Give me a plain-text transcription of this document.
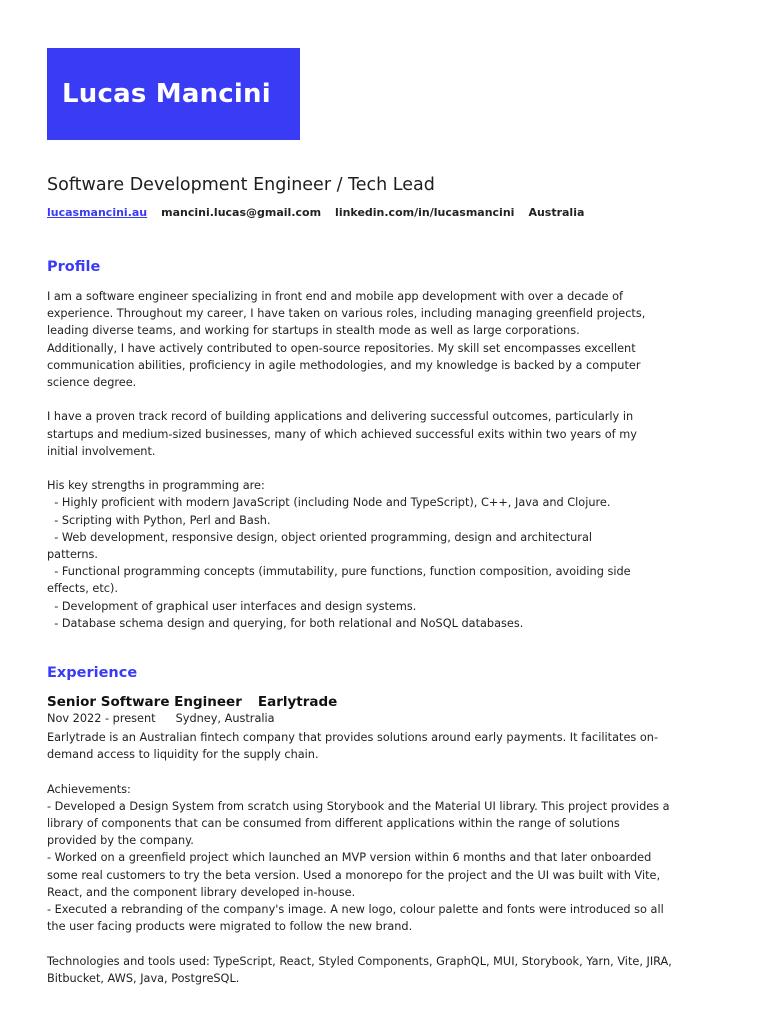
Lucas Mancini
Software Development Engineer / Tech Lead
lucasmancini.au mancini.lucas@gmail.com linkedin.com/in/lucasmancini Australia
Profile

I am a software engineer specializing in front end and mobile app development with over a decade of
experience. Throughout my career, I have taken on various roles, including managing greenfield projects,
leading diverse teams, and working for startups in stealth mode as well as large corporations.
Additionally, I have actively contributed to open-source repositories. My skill set encompasses excellent
communication abilities, proficiency in agile methodologies, and my knowledge is backed by a computer
science degree.

I have a proven track record of building applications and delivering successful outcomes, particularly in
startups and medium-sized businesses, many of which achieved successful exits within two years of my
initial involvement.

His key strengths in programming are:
- Highly proficient with modern JavaScript (including Node and TypeScript), C++, Java and Clojure.
- Scripting with Python, Perl and Bash.
- Web development, responsive design, object oriented programming, design and architectural
patterns.
- Functional programming concepts (immutability, pure functions, function composition, avoiding side
effects, etc).
- Development of graphical user interfaces and design systems.
- Database schema design and querying, for both relational and NoSQL databases.

Experience
Senior Software Engineer Earlytrade
Nov 2022 - present Sydney, Australia

Earlytrade is an Australian fintech company that provides solutions around early payments. It facilitates on-
demand access to liquidity for the supply chain.

Achievements:
- Developed a Design System from scratch using Storybook and the Material UI library. This project provides a
library of components that can be consumed from different applications within the range of solutions
provided by the company.
- Worked on a greenfield project which launched an MVP version within 6 months and that later onboarded
some real customers to try the beta version. Used a monorepo for the project and the UI was built with Vite,
React, and the component library developed in-house.
- Executed a rebranding of the company's image. A new logo, colour palette and fonts were introduced so all
the user facing products were migrated to follow the new brand.

Technologies and tools used: TypeScript, React, Styled Components, GraphQL, MUI, Storybook, Yarn, Vite, JIRA,
Bitbucket, AWS, Java, PostgreSQL.
